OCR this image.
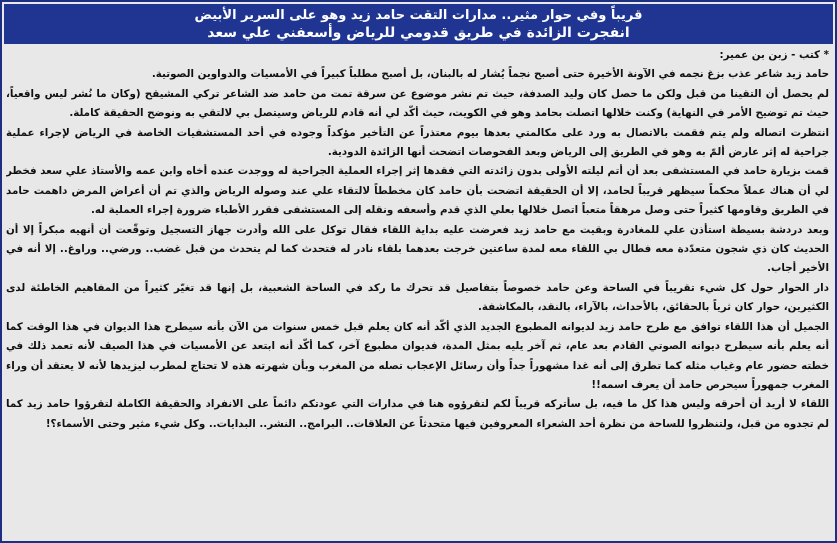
قريباً وفي حوار مثير.. مدارات التقت حامد زيد وهو على السرير الأبيض
انفجرت الزائدة في طريق قدومي للرياض وأسعفني علي سعد

* كتب - زبن بن عمير:

حامد زيد شاعر عذب بزغ نجمه في الآونة الأخيرة حتى أصبح نجماً يُشار له بالبنان، بل أصبح مطلباً كبيراً في الأمسيات والدواوين الصوتية.

لم يحصل أن التقينا من قبل ولكن ما حصل كان وليد الصدفة، حيث تم نشر موضوع عن سرقة تمت من حامد ضد الشاعر تركي المشيقح (وكان ما نُشر ليس واقعياً، حيث تم توضيح الأمر في النهاية) وكنت خلالها اتصلت بحامد وهو في الكويت، حيث أكّد لي أنه قادم للرياض وسيتصل بي لالتقي به ونوضح الحقيقة كاملة.

انتظرت اتصاله ولم يتم فقمت بالاتصال به ورد على مكالمتي بعدها بيوم معتذراً عن التأخير مؤكداً وجوده في أحد المستشفيات الخاصة في الرياض لإجراء عملية جراحية له إثر عارض ألمّ به وهو في الطريق إلى الرياض وبعد الفحوصات اتضحت أنها الزائدة الدودية.

قمت بزيارة حامد في المستشفى بعد أن أتم ليلته الأولى بدون زائدته التي فقدها إثر إجراء العملية الجراحية له ووجدت عنده أخاه وابن عمه والأستاذ علي سعد فخطر لي أن هناك عملاً محكماً سيظهر قريباً لحامد، إلا أن الحقيقة اتضحت بأن حامد كان مخططاً لالتقاء علي عند وصوله الرياض والذي تم أن أعراض المرض داهمت حامد في الطريق وقاومها كثيراً حتى وصل مرهقاً متعباً اتصل خلالها بعلي الذي قدم وأسعفه ونقله إلى المستشفى فقرر الأطباء ضرورة إجراء العملية له.

وبعد دردشة بسيطة استأذن علي للمغادرة وبقيت مع حامد زيد فعرضت عليه بداية اللقاء فقال توكل على الله وأدرت جهاز التسجيل وتوقّعت أن أنهيه مبكراً إلا أن الحديث كان ذي شجون متعدّدة معه فطال بي اللقاء معه لمدة ساعتين خرجت بعدهما بلقاء نادر له فتحدث كما لم يتحدث من قبل غضب.. ورضي.. وراوغ.. إلا أنه في الأخير أجاب.

دار الحوار حول كل شيء تقريباً في الساحة وعن حامد خصوصاً بتفاصيل قد تحرك ما ركد في الساحة الشعبية، بل إنها قد تغيّر كثيراً من المفاهيم الخاطئة لدى الكثيرين، حوار كان ثرياً بالحقائق، بالأحداث، بالآراء، بالنقد، بالمكاشفة.

الجميل أن هذا اللقاء توافق مع طرح حامد زيد لديوانه المطبوع الجديد الذي أكّد أنه كان يعلم قبل خمس سنوات من الآن بأنه سيطرح هذا الديوان في هذا الوقت كما أنه يعلم بأنه سيطرح ديوانه الصوتي القادم بعد عام، ثم آخر يليه بمثل المدة، فديوان مطبوع آخر، كما أكّد أنه ابتعد عن الأمسيات في هذا الصيف لأنه تعمد ذلك في خطته حضور عام وغياب مثله كما تطرق إلى أنه غدا مشهوراً جداً وأن رسائل الإعجاب تصله من المغرب وبأن شهرته هذه لا تحتاج لمطرب ليزيدها لأنه لا يعتقد أن وراء المغرب جمهوراً سيحرص حامد أن يعرف اسمه!!

اللقاء لا أريد أن أحرقه وليس هذا كل ما فيه، بل سأتركه قريباً لكم لتقرؤوه هنا في مدارات التي عودتكم دائماً على الانفراد والحقيقة الكاملة لتقرؤوا حامد زيد كما لم تجدوه من قبل، ولتنظروا للساحة من نظرة أحد الشعراء المعروفين فيها متحدثاً عن العلاقات.. البرامج.. النشر.. البدايات.. وكل شيء مثير وحتى الأسماء؟!
